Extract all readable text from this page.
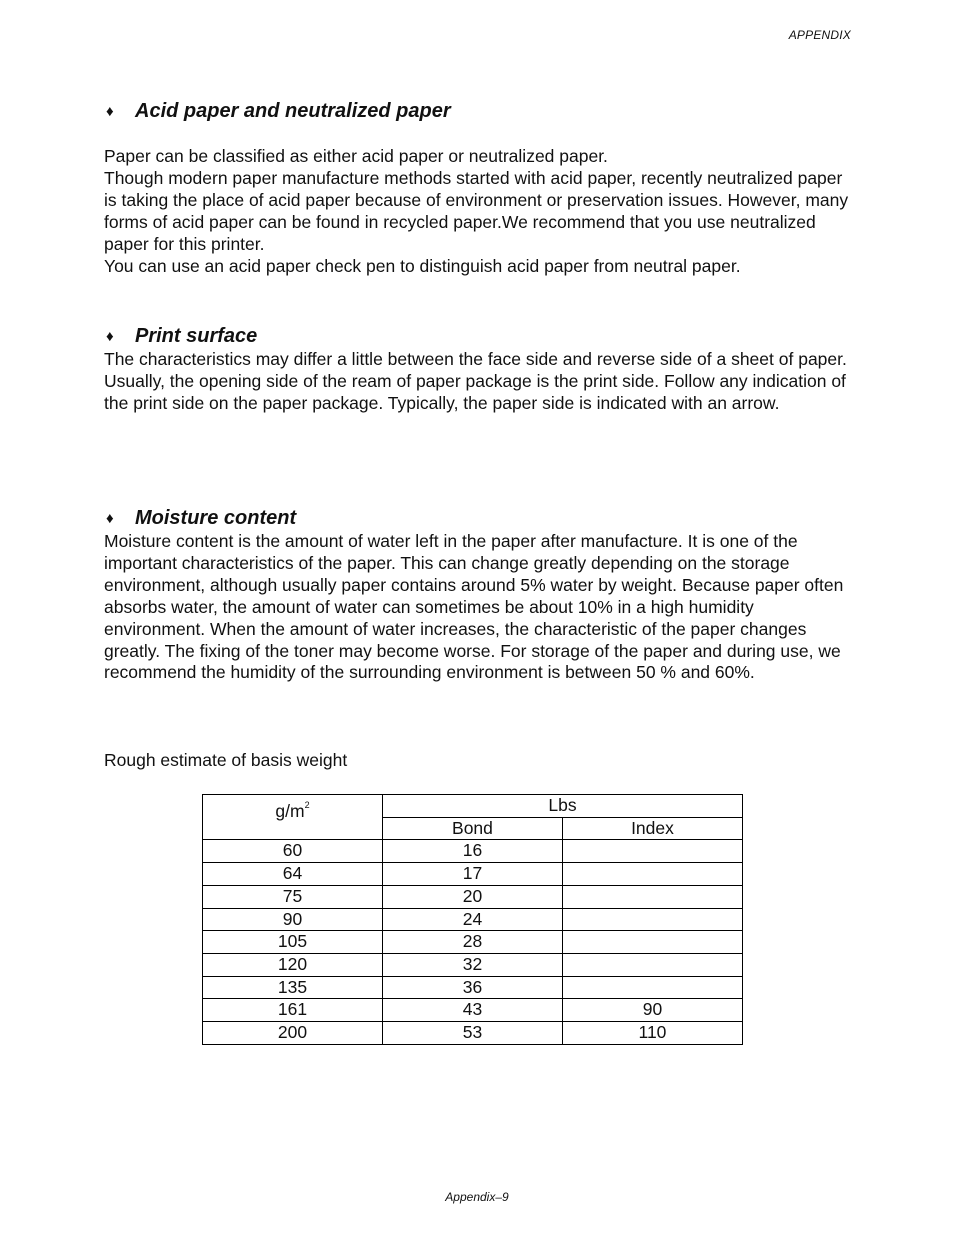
APPENDIX
♦ Acid paper and neutralized paper

Paper can be classified as either acid paper or neutralized paper.

Though modern paper manufacture methods started with acid paper, recently neutralized paper is taking the place of acid paper because of environment or preservation issues. However, many forms of acid paper can be found in recycled paper.We recommend that you use neutralized paper for this printer.

You can use an acid paper check pen to distinguish acid paper from neutral paper.

♦ Print surface

The characteristics may differ a little between the face side and reverse side of a sheet of paper.

Usually, the opening side of the ream of paper package is the print side. Follow any indication of the print side on the paper package. Typically, the paper side is indicated with an arrow.

♦ Moisture content

Moisture content is the amount of water left in the paper after manufacture. It is one of the important characteristics of the paper. This can change greatly depending on the storage environment, although usually paper contains around 5% water by weight. Because paper often absorbs water, the amount of water can sometimes be about 10% in a high humidity environment. When the amount of water increases, the characteristic of the paper changes greatly. The fixing of the toner may become worse. For storage of the paper and during use, we recommend the humidity of the surrounding environment is between 50 % and 60%.

Rough estimate of basis weight
$g/m^2$	Lbs	
	Bond	Index
60	16	
64	17	
75	20	
90	24	
105	28	
120	32	
135	36	
161	43	90
200	53	110
Appendix–9
